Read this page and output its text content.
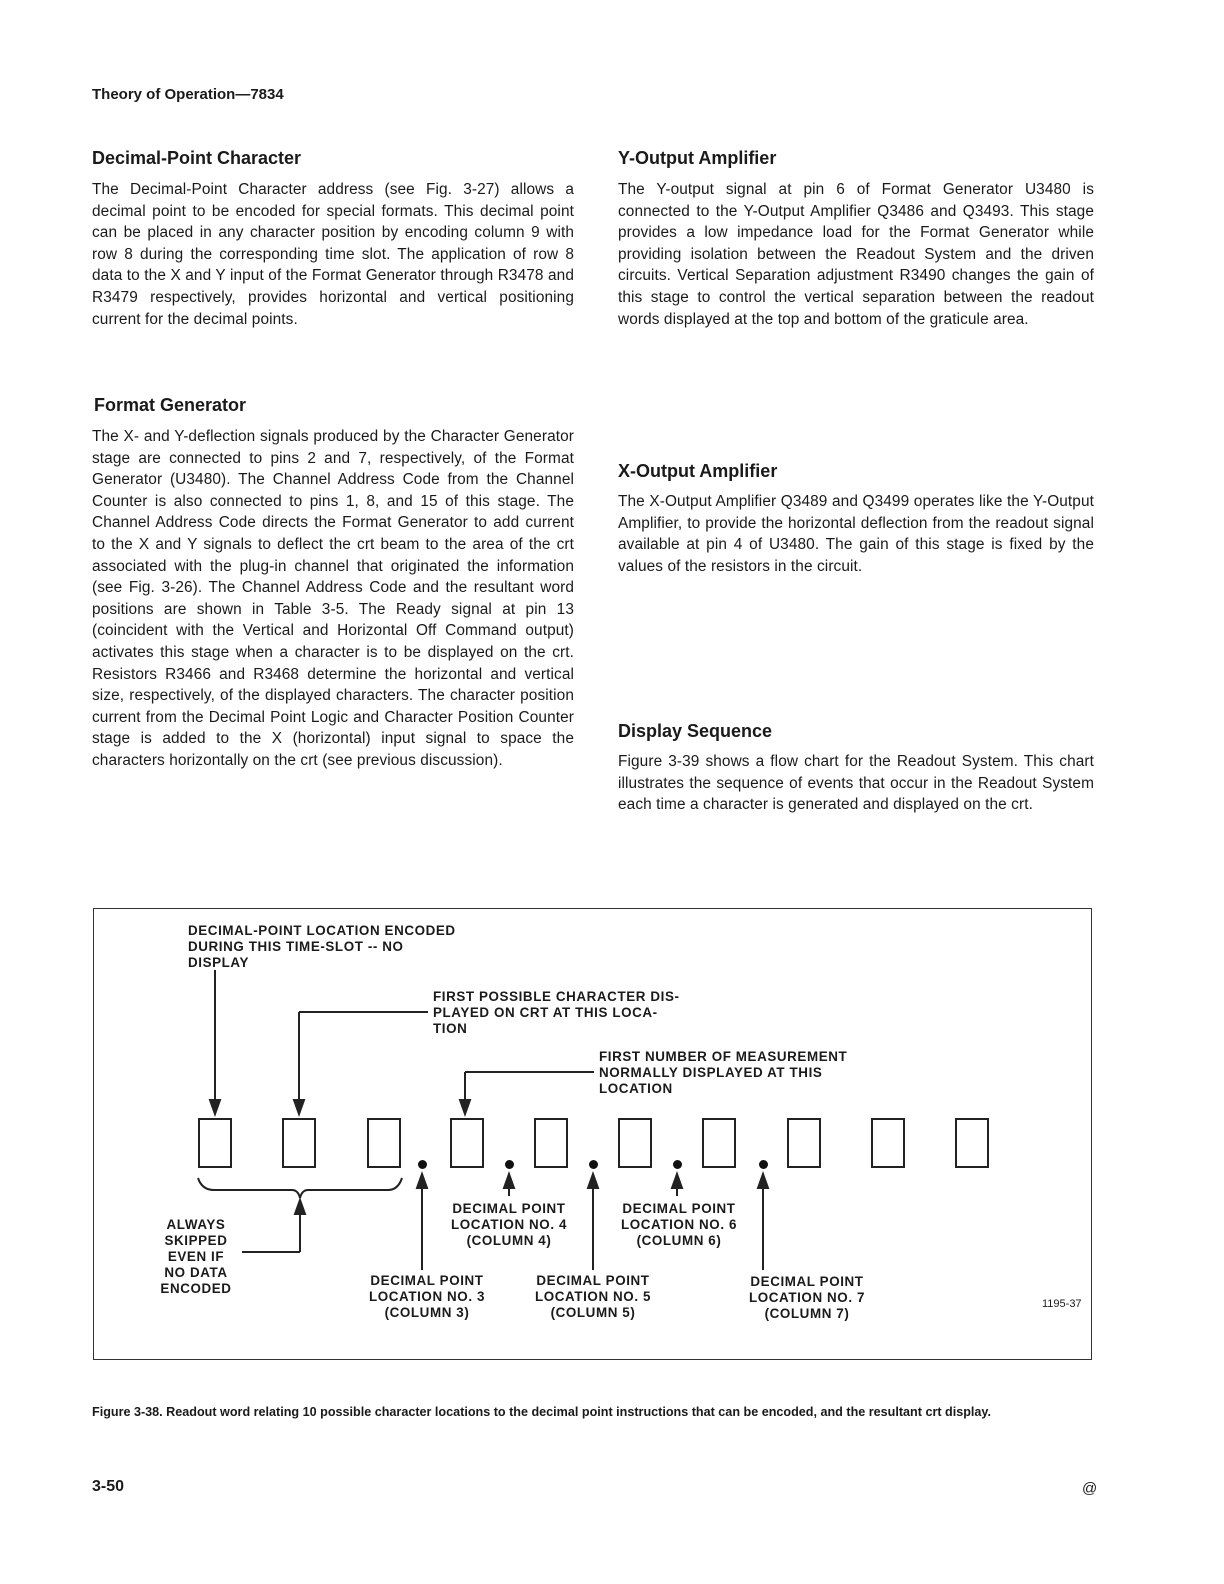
Theory of Operation—7834
Decimal-Point Character

The Decimal-Point Character address (see Fig. 3-27) allows a decimal point to be encoded for special formats. This decimal point can be placed in any character position by encoding column 9 with row 8 during the corresponding time slot. The application of row 8 data to the X and Y input of the Format Generator through R3478 and R3479 respectively, provides horizontal and vertical positioning current for the decimal points.

Format Generator

The X- and Y-deflection signals produced by the Character Generator stage are connected to pins 2 and 7, respectively, of the Format Generator (U3480). The Channel Address Code from the Channel Counter is also connected to pins 1, 8, and 15 of this stage. The Channel Address Code directs the Format Generator to add current to the X and Y signals to deflect the crt beam to the area of the crt associated with the plug-in channel that originated the information (see Fig. 3-26). The Channel Address Code and the resultant word positions are shown in Table 3-5. The Ready signal at pin 13 (coincident with the Vertical and Horizontal Off Command output) activates this stage when a character is to be displayed on the crt. Resistors R3466 and R3468 determine the horizontal and vertical size, respectively, of the displayed characters. The character position current from the Decimal Point Logic and Character Position Counter stage is added to the X (horizontal) input signal to space the characters horizontally on the crt (see previous discussion).

Y-Output Amplifier

The Y-output signal at pin 6 of Format Generator U3480 is connected to the Y-Output Amplifier Q3486 and Q3493. This stage provides a low impedance load for the Format Generator while providing isolation between the Readout System and the driven circuits. Vertical Separation adjustment R3490 changes the gain of this stage to control the vertical separation between the readout words displayed at the top and bottom of the graticule area.

X-Output Amplifier

The X-Output Amplifier Q3489 and Q3499 operates like the Y-Output Amplifier, to provide the horizontal deflection from the readout signal available at pin 4 of U3480. The gain of this stage is fixed by the values of the resistors in the circuit.

Display Sequence

Figure 3-39 shows a flow chart for the Readout System. This chart illustrates the sequence of events that occur in the Readout System each time a character is generated and displayed on the crt.

DECIMAL-POINT LOCATION ENCODED
DURING THIS TIME-SLOT -- NO
DISPLAY
FIRST POSSIBLE CHARACTER DIS-
PLAYED ON CRT AT THIS LOCA-
TION
FIRST NUMBER OF MEASUREMENT
NORMALLY DISPLAYED AT THIS
LOCATION
ALWAYS
SKIPPED
EVEN IF
NO DATA
ENCODED
DECIMAL POINT
LOCATION NO. 4
(COLUMN 4)
DECIMAL POINT
LOCATION NO. 6
(COLUMN 6)
DECIMAL POINT
LOCATION NO. 3
(COLUMN 3)
DECIMAL POINT
LOCATION NO. 5
(COLUMN 5)
DECIMAL POINT
LOCATION NO. 7
(COLUMN 7)
1195-37

Figure 3-38. Readout word relating 10 possible character locations to the decimal point instructions that can be encoded, and the resultant crt display.

3-50	@
